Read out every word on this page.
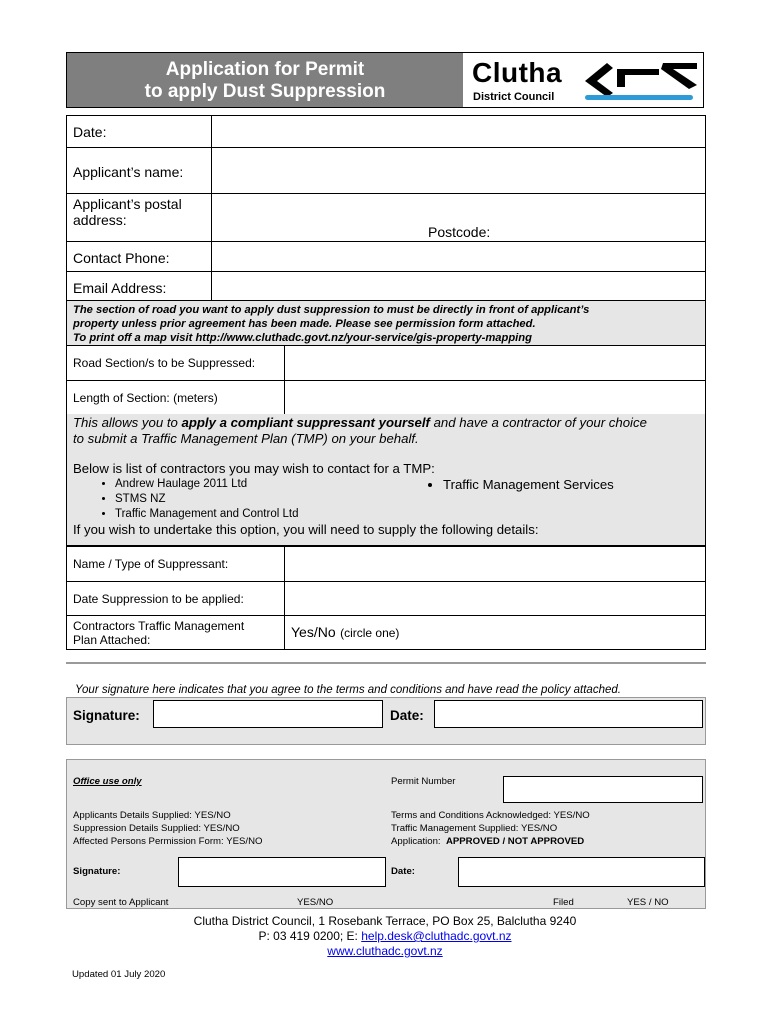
Application for Permit
to apply Dust Suppression
Clutha
District Council
Date:	
Applicant’s name:	
Applicant’s postal address:	Postcode:

Contact Phone:	
Email Address:	
The section of road you want to apply dust suppression to must be directly in front of applicant’s
property unless prior agreement has been made. Please see permission form attached.
To print off a map visit http://www.cluthadc.govt.nz/your-service/gis-property-mapping
Road Section/s to be Suppressed:	
Length of Section: (meters)	

This allows you to apply a compliant suppressant yourself and have a contractor of your choice

to submit a Traffic Management Plan (TMP) on your behalf.

Below is list of contractors you may wish to contact for a TMP:

• Andrew Haulage 2011 Ltd
• STMS NZ
• Traffic Management and Control Ltd
• Traffic Management Services

If you wish to undertake this option, you will need to supply the following details:

Name / Type of Suppressant:	
Date Suppression to be applied:	

Contractors Traffic Management
Plan Attached:	Yes/No (circle one)
Your signature here indicates that you agree to the terms and conditions and have read the policy attached.
Signature:	Date:
Office use only	Permit Number
Applicants Details Supplied: YES/NO
Suppression Details Supplied: YES/NO
Affected Persons Permission Form: YES/NO
Terms and Conditions Acknowledged: YES/NO
Traffic Management Supplied: YES/NO
Application: APPROVED / NOT APPROVED
Signature:	Date:
Copy sent to Applicant	YES/NO	Filed	YES / NO
Clutha District Council, 1 Rosebank Terrace, PO Box 25, Balclutha 9240
P: 03 419 0200; E: help.desk@cluthadc.govt.nz
www.cluthadc.govt.nz
Updated 01 July 2020
